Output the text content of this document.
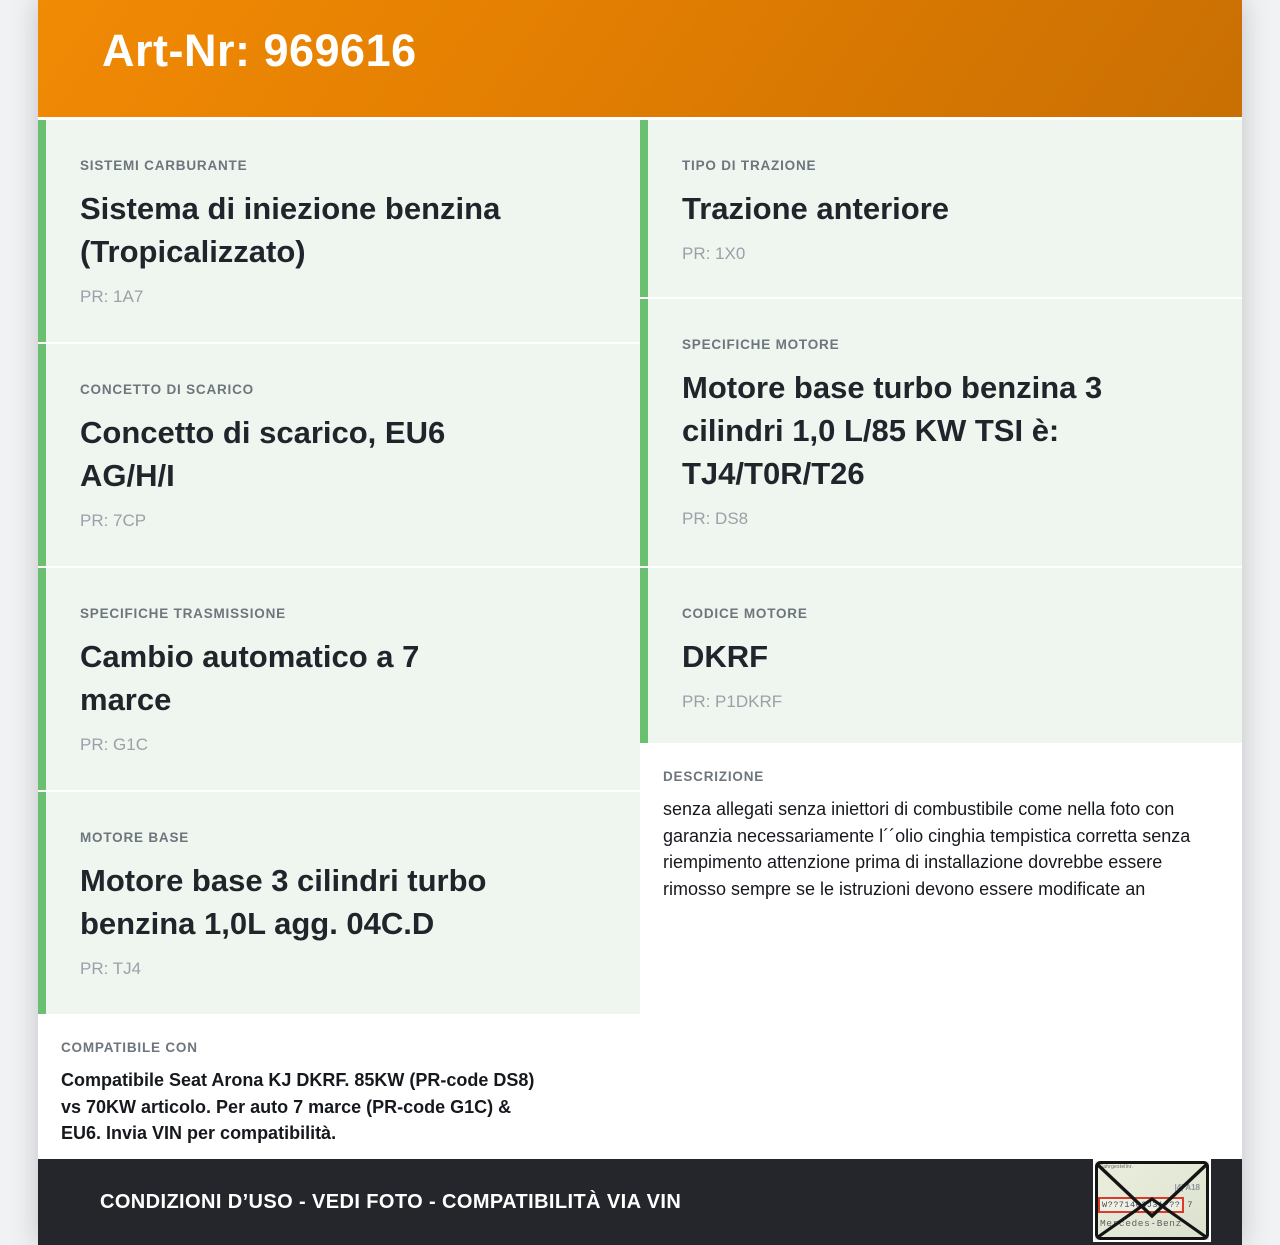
Art-Nr: 969616
SISTEMI CARBURANTE
Sistema di iniezione benzina (Tropicalizzato)
PR: 1A7
CONCETTO DI SCARICO
Concetto di scarico, EU6 AG/H/I
PR: 7CP
SPECIFICHE TRASMISSIONE
Cambio automatico a 7 marce
PR: G1C
MOTORE BASE
Motore base 3 cilindri turbo benzina 1,0L agg. 04C.D
PR: TJ4
COMPATIBILE CON

Compatibile Seat Arona KJ DKRF. 85KW (PR-code DS8) vs 70KW articolo. Per auto 7 marce (PR-code G1C) & EU6. Invia VIN per compatibilità.

TIPO DI TRAZIONE
Trazione anteriore
PR: 1X0
SPECIFICHE MOTORE
Motore base turbo benzina 3 cilindri 1,0 L/85 KW TSI è: TJ4/T0R/T26
PR: DS8
CODICE MOTORE
DKRF
PR: P1DKRF
DESCRIZIONE

senza allegati senza iniettori di combustibile come nella foto con garanzia necessariamente l´´olio cinghia tempistica corretta senza riempimento attenzione prima di installazione dovrebbe essere rimosso sempre se le istruzioni devono essere modificate an

CONDIZIONI D’USO - VEDI FOTO - COMPATIBILITÀ VIA VIN
Fahrgestellnr.
|4| A18
W??71463J31??? 7
Mercedes-Benz
